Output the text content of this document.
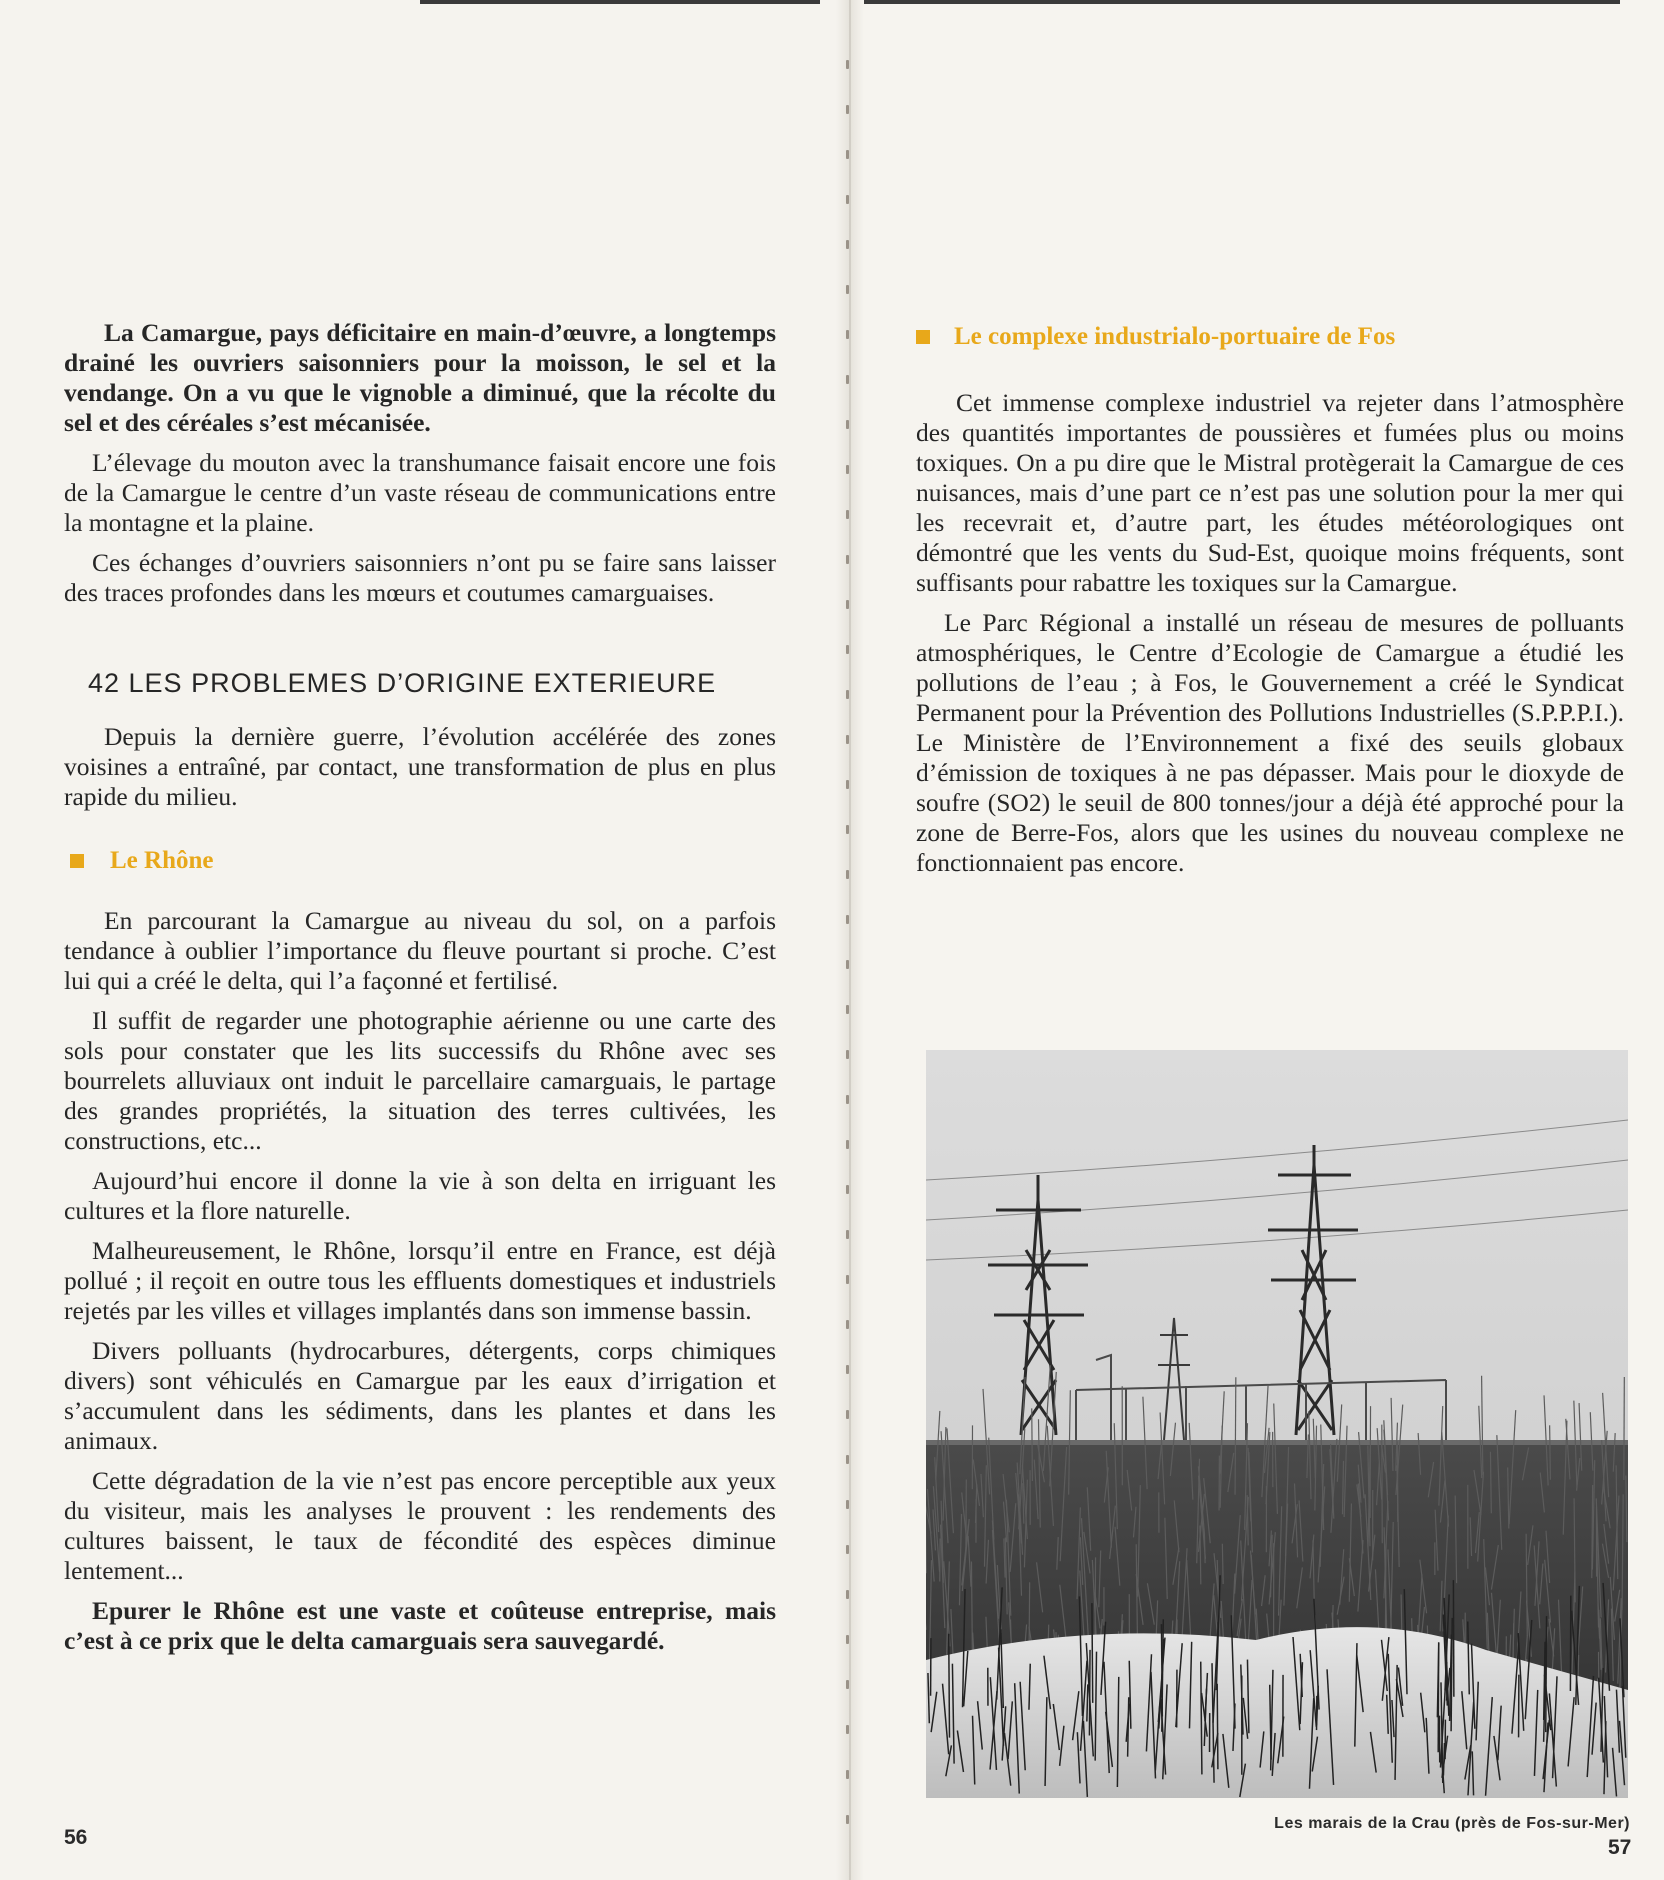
La Camargue, pays déficitaire en main-d’œuvre, a longtemps drainé les ouvriers saisonniers pour la moisson, le sel et la vendange. On a vu que le vignoble a diminué, que la récolte du sel et des céréales s’est mécanisée.

L’élevage du mouton avec la transhumance faisait encore une fois de la Camargue le centre d’un vaste réseau de communications entre la montagne et la plaine.

Ces échanges d’ouvriers saisonniers n’ont pu se faire sans laisser des traces profondes dans les mœurs et coutumes camarguaises.

42 LES PROBLEMES D’ORIGINE EXTERIEURE

Depuis la dernière guerre, l’évolution accélérée des zones voisines a entraîné, par contact, une transformation de plus en plus rapide du milieu.

Le Rhône

En parcourant la Camargue au niveau du sol, on a parfois tendance à oublier l’importance du fleuve pourtant si proche. C’est lui qui a créé le delta, qui l’a façonné et fertilisé.

Il suffit de regarder une photographie aérienne ou une carte des sols pour constater que les lits successifs du Rhône avec ses bourrelets alluviaux ont induit le parcellaire camarguais, le partage des grandes propriétés, la situation des terres cultivées, les constructions, etc...

Aujourd’hui encore il donne la vie à son delta en irriguant les cultures et la flore naturelle.

Malheureusement, le Rhône, lorsqu’il entre en France, est déjà pollué ; il reçoit en outre tous les effluents domestiques et industriels rejetés par les villes et villages implantés dans son immense bassin.

Divers polluants (hydrocarbures, détergents, corps chimiques divers) sont véhiculés en Camargue par les eaux d’irrigation et s’accumulent dans les sédiments, dans les plantes et dans les animaux.

Cette dégradation de la vie n’est pas encore perceptible aux yeux du visiteur, mais les analyses le prouvent : les rendements des cultures baissent, le taux de fécondité des espèces diminue lentement...

Epurer le Rhône est une vaste et coûteuse entreprise, mais c’est à ce prix que le delta camarguais sera sauvegardé.

56
Le complexe industrialo-portuaire de Fos

Cet immense complexe industriel va rejeter dans l’atmosphère des quantités importantes de poussières et fumées plus ou moins toxiques. On a pu dire que le Mistral protègerait la Camargue de ces nuisances, mais d’une part ce n’est pas une solution pour la mer qui les recevrait et, d’autre part, les études météorologiques ont démontré que les vents du Sud-Est, quoique moins fréquents, sont suffisants pour rabattre les toxiques sur la Camargue.

Le Parc Régional a installé un réseau de mesures de polluants atmosphériques, le Centre d’Ecologie de Camargue a étudié les pollutions de l’eau ; à Fos, le Gouvernement a créé le Syndicat Permanent pour la Prévention des Pollutions Industrielles (S.P.P.P.I.). Le Ministère de l’Environnement a fixé des seuils globaux d’émission de toxiques à ne pas dépasser. Mais pour le dioxyde de soufre (SO2) le seuil de 800 tonnes/jour a déjà été approché pour la zone de Berre-Fos, alors que les usines du nouveau complexe ne fonctionnaient pas encore.

Les marais de la Crau (près de Fos-sur-Mer)
57
